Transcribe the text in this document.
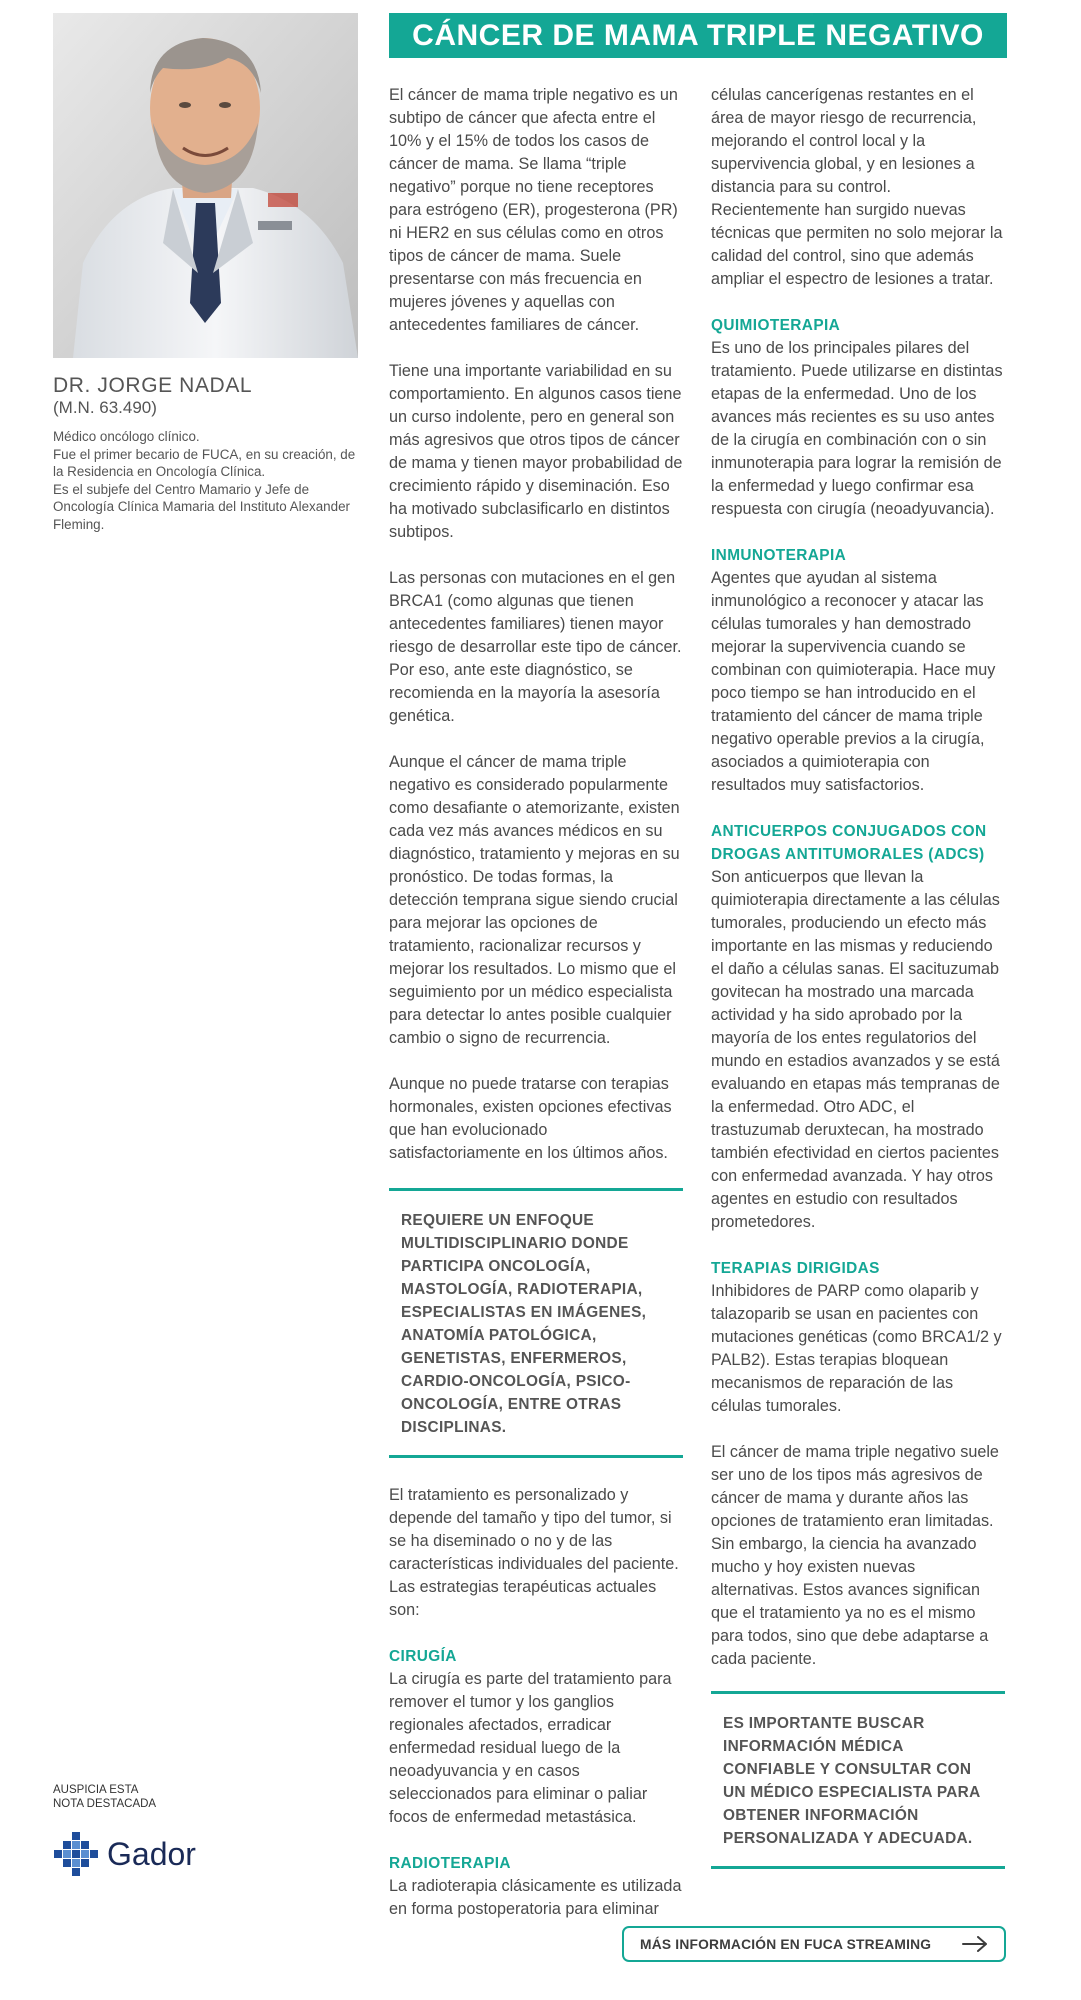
DR. JORGE NADAL
(M.N. 63.490)

Médico oncólogo clínico.

Fue el primer becario de FUCA, en su creación, de la Residencia en Oncología Clínica.

Es el subjefe del Centro Mamario y Jefe de Oncología Clínica Mamaria del Instituto Alexander Fleming.

CÁNCER DE MAMA TRIPLE NEGATIVO

El cáncer de mama triple negativo es un subtipo de cáncer que afecta entre el 10% y el 15% de todos los casos de cáncer de mama. Se llama “triple negativo” porque no tiene receptores para estrógeno (ER), progesterona (PR) ni HER2 en sus células como en otros tipos de cáncer de mama. Suele presentarse con más frecuencia en mujeres jóvenes y aquellas con antecedentes familiares de cáncer.

Tiene una importante variabilidad en su comportamiento. En algunos casos tiene un curso indolente, pero en general son más agresivos que otros tipos de cáncer de mama y tienen mayor probabilidad de crecimiento rápido y diseminación. Eso ha motivado subclasificarlo en distintos subtipos.

Las personas con mutaciones en el gen BRCA1 (como algunas que tienen antecedentes familiares) tienen mayor riesgo de desarrollar este tipo de cáncer. Por eso, ante este diagnóstico, se recomienda en la mayoría la asesoría genética.

Aunque el cáncer de mama triple negativo es considerado popularmente como desafiante o atemorizante, existen cada vez más avances médicos en su diagnóstico, tratamiento y mejoras en su pronóstico. De todas formas, la detección temprana sigue siendo crucial para mejorar las opciones de tratamiento, racionalizar recursos y mejorar los resultados. Lo mismo que el seguimiento por un médico especialista para detectar lo antes posible cualquier cambio o signo de recurrencia.

Aunque no puede tratarse con terapias hormonales, existen opciones efectivas que han evolucionado satisfactoriamente en los últimos años.

REQUIERE UN ENFOQUE MULTIDISCIPLINARIO DONDE PARTICIPA ONCOLOGÍA, MASTOLOGÍA, RADIOTERAPIA, ESPECIALISTAS EN IMÁGENES, ANATOMÍA PATOLÓGICA, GENETISTAS, ENFERMEROS, CARDIO-ONCOLOGÍA, PSICO-ONCOLOGÍA, ENTRE OTRAS DISCIPLINAS.

El tratamiento es personalizado y depende del tamaño y tipo del tumor, si se ha diseminado o no y de las características individuales del paciente. Las estrategias terapéuticas actuales son:

CIRUGÍA

La cirugía es parte del tratamiento para remover el tumor y los ganglios regionales afectados, erradicar enfermedad residual luego de la neoadyuvancia y en casos seleccionados para eliminar o paliar focos de enfermedad metastásica.

RADIOTERAPIA

La radioterapia clásicamente es utilizada en forma postoperatoria para eliminar

células cancerígenas restantes en el área de mayor riesgo de recurrencia, mejorando el control local y la supervivencia global, y en lesiones a distancia para su control.

Recientemente han surgido nuevas técnicas que permiten no solo mejorar la calidad del control, sino que además ampliar el espectro de lesiones a tratar.

QUIMIOTERAPIA

Es uno de los principales pilares del tratamiento. Puede utilizarse en distintas etapas de la enfermedad. Uno de los avances más recientes es su uso antes de la cirugía en combinación con o sin inmunoterapia para lograr la remisión de la enfermedad y luego confirmar esa respuesta con cirugía (neoadyuvancia).

INMUNOTERAPIA

Agentes que ayudan al sistema inmunológico a reconocer y atacar las células tumorales y han demostrado mejorar la supervivencia cuando se combinan con quimioterapia. Hace muy poco tiempo se han introducido en el tratamiento del cáncer de mama triple negativo operable previos a la cirugía, asociados a quimioterapia con resultados muy satisfactorios.

ANTICUERPOS CONJUGADOS CON DROGAS ANTITUMORALES (ADCS)

Son anticuerpos que llevan la quimioterapia directamente a las células tumorales, produciendo un efecto más importante en las mismas y reduciendo el daño a células sanas. El sacituzumab govitecan ha mostrado una marcada actividad y ha sido aprobado por la mayoría de los entes regulatorios del mundo en estadios avanzados y se está evaluando en etapas más tempranas de la enfermedad. Otro ADC, el trastuzumab deruxtecan, ha mostrado también efectividad en ciertos pacientes con enfermedad avanzada. Y hay otros agentes en estudio con resultados prometedores.

TERAPIAS DIRIGIDAS

Inhibidores de PARP como olaparib y talazoparib se usan en pacientes con mutaciones genéticas (como BRCA1/2 y PALB2). Estas terapias bloquean mecanismos de reparación de las células tumorales.

El cáncer de mama triple negativo suele ser uno de los tipos más agresivos de cáncer de mama y durante años las opciones de tratamiento eran limitadas. Sin embargo, la ciencia ha avanzado mucho y hoy existen nuevas alternativas. Estos avances significan que el tratamiento ya no es el mismo para todos, sino que debe adaptarse a cada paciente.

ES IMPORTANTE BUSCAR INFORMACIÓN MÉDICA CONFIABLE Y CONSULTAR CON UN MÉDICO ESPECIALISTA PARA OBTENER INFORMACIÓN PERSONALIZADA Y ADECUADA.

AUSPICIA ESTA
NOTA DESTACADA
Gador
MÁS INFORMACIÓN EN FUCA STREAMING
